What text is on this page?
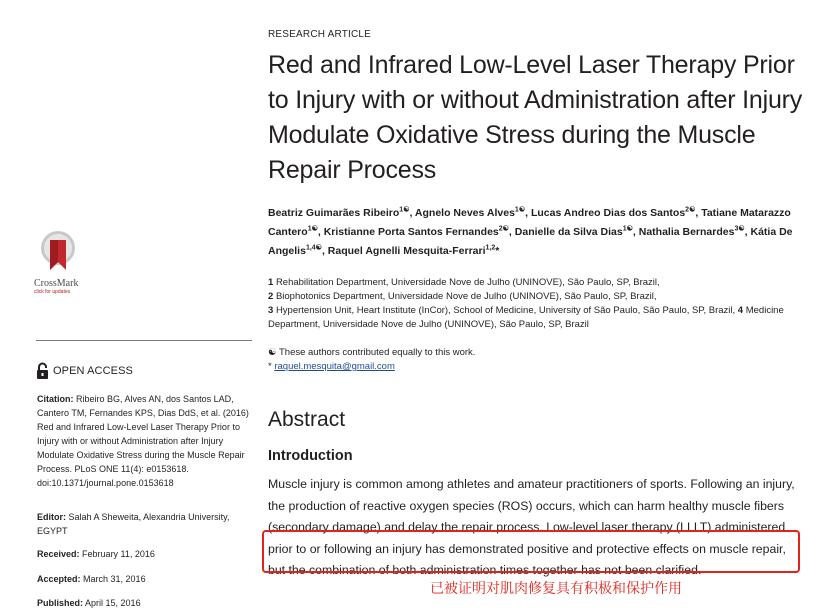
CrossMark
click for updates
OPEN ACCESS
Citation: Ribeiro BG, Alves AN, dos Santos LAD, Cantero TM, Fernandes KPS, Dias DdS, et al. (2016) Red and Infrared Low-Level Laser Therapy Prior to Injury with or without Administration after Injury Modulate Oxidative Stress during the Muscle Repair Process. PLoS ONE 11(4): e0153618. doi:10.1371/journal.pone.0153618
Editor: Salah A Sheweita, Alexandria University, EGYPT
Received: February 11, 2016
Accepted: March 31, 2016
Published: April 15, 2016
RESEARCH ARTICLE
Red and Infrared Low-Level Laser Therapy Prior to Injury with or without Administration after Injury Modulate Oxidative Stress during the Muscle Repair Process
Beatriz Guimarães Ribeiro$^{1☯}$, Agnelo Neves Alves$^{1☯}$, Lucas Andreo Dias dos Santos$^{2☯}$, Tatiane Matarazzo Cantero$^{1☯}$, Kristianne Porta Santos Fernandes$^{2☯}$, Danielle da Silva Dias$^{1☯}$, Nathalia Bernardes$^{3☯}$, Kátia De Angelis$^{1,4☯}$, Raquel Agnelli Mesquita-Ferrari$^{1,2}$*
1 Rehabilitation Department, Universidade Nove de Julho (UNINOVE), São Paulo, SP, Brazil,
2 Biophotonics Department, Universidade Nove de Julho (UNINOVE), São Paulo, SP, Brazil,
3 Hypertension Unit, Heart Institute (InCor), School of Medicine, University of São Paulo, São Paulo, SP, Brazil, 4 Medicine Department, Universidade Nove de Julho (UNINOVE), São Paulo, SP, Brazil
☯ These authors contributed equally to this work.
* raquel.mesquita@gmail.com
Abstract
Introduction
Muscle injury is common among athletes and amateur practitioners of sports. Following an injury, the production of reactive oxygen species (ROS) occurs, which can harm healthy muscle fibers (secondary damage) and delay the repair process. Low-level laser therapy (LLLT) administered prior to or following an injury has demonstrated positive and protective effects on muscle repair, but the combination of both administration times together has not been clarified.
已被证明对肌肉修复具有积极和保护作用
